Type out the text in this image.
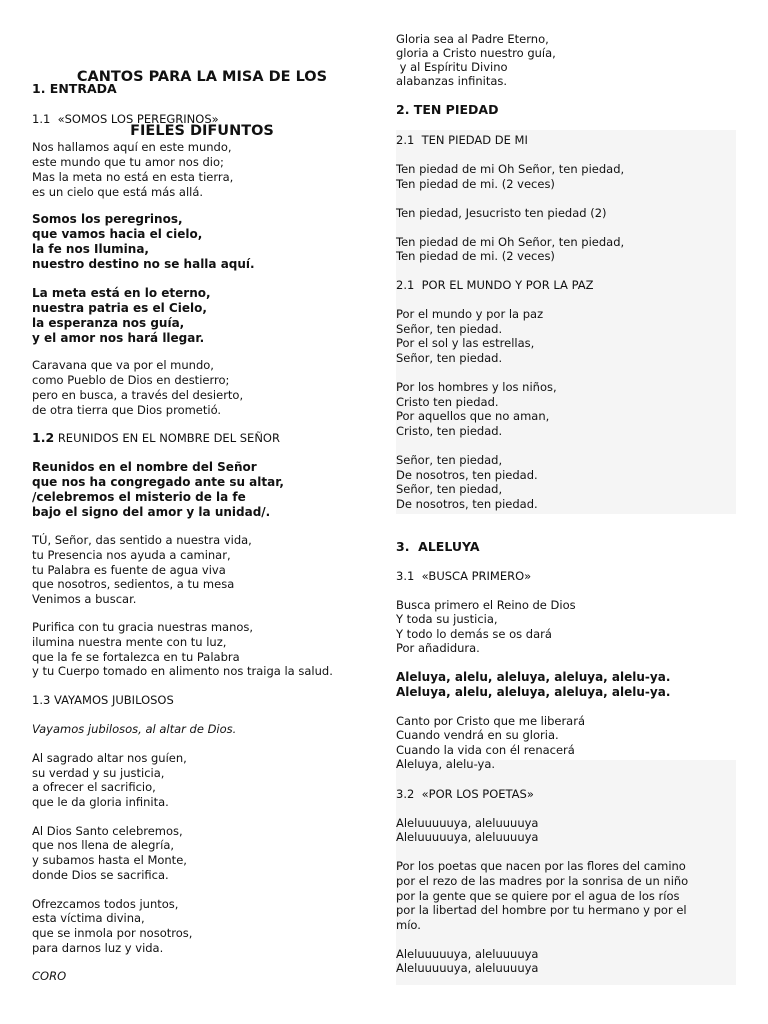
CANTOS PARA LA MISA DE LOS

FIELES DIFUNTOS

1. ENTRADA
1.1  «SOMOS LOS PEREGRINOS»
Nos hallamos aquí en este mundo,
este mundo que tu amor nos dio;
Mas la meta no está en esta tierra,
es un cielo que está más allá.
Somos los peregrinos,
que vamos hacia el cielo,
la fe nos Ilumina,
nuestro destino no se halla aquí.
La meta está en lo eterno,
nuestra patria es el Cielo,
la esperanza nos guía,
y el amor nos hará llegar.
Caravana que va por el mundo,
como Pueblo de Dios en destierro;
pero en busca, a través del desierto,
de otra tierra que Dios prometió.
1.2 REUNIDOS EN EL NOMBRE DEL SEÑOR
Reunidos en el nombre del Señor
que nos ha congregado ante su altar,
/celebremos el misterio de la fe
bajo el signo del amor y la unidad/.
TÚ, Señor, das sentido a nuestra vida,
tu Presencia nos ayuda a caminar,
tu Palabra es fuente de agua viva
que nosotros, sedientos, a tu mesa
Venimos a buscar.
Purifica con tu gracia nuestras manos,
ilumina nuestra mente con tu luz,
que la fe se fortalezca en tu Palabra
y tu Cuerpo tomado en alimento nos traiga la salud.
1.3 VAYAMOS JUBILOSOS
Vayamos jubilosos, al altar de Dios.
Al sagrado altar nos guíen,
su verdad y su justicia,
a ofrecer el sacrificio,
que le da gloria infinita.
Al Dios Santo celebremos,
que nos llena de alegría,
y subamos hasta el Monte,
donde Dios se sacrifica.
Ofrezcamos todos juntos,
esta víctima divina,
que se inmola por nosotros,
para darnos luz y vida.
CORO
Gloria sea al Padre Eterno,
gloria a Cristo nuestro guía,
y al Espíritu Divino
alabanzas infinitas.
2. TEN PIEDAD
2.1  TEN PIEDAD DE MI
Ten piedad de mi Oh Señor, ten piedad,
Ten piedad de mi. (2 veces)
Ten piedad, Jesucristo ten piedad (2)
Ten piedad de mi Oh Señor, ten piedad,
Ten piedad de mi. (2 veces)
2.1  POR EL MUNDO Y POR LA PAZ
Por el mundo y por la paz
Señor, ten piedad.
Por el sol y las estrellas,
Señor, ten piedad.
Por los hombres y los niños,
Cristo ten piedad.
Por aquellos que no aman,
Cristo, ten piedad.
Señor, ten piedad,
De nosotros, ten piedad.
Señor, ten piedad,
De nosotros, ten piedad.
3.  ALELUYA
3.1  «BUSCA PRIMERO»
Busca primero el Reino de Dios
Y toda su justicia,
Y todo lo demás se os dará
Por añadidura.
Aleluya, alelu, aleluya, aleluya, alelu-ya.
Aleluya, alelu, aleluya, aleluya, alelu-ya.
Canto por Cristo que me liberará
Cuando vendrá en su gloria.
Cuando la vida con él renacerá
Aleluya, alelu-ya.
3.2  «POR LOS POETAS»
Aleluuuuuya, aleluuuuya
Aleluuuuuya, aleluuuuya
Por los poetas que nacen por las flores del camino
por el rezo de las madres por la sonrisa de un niño
por la gente que se quiere por el agua de los ríos
por la libertad del hombre por tu hermano y por el
mío.
Aleluuuuuya, aleluuuuya
Aleluuuuuya, aleluuuuya
